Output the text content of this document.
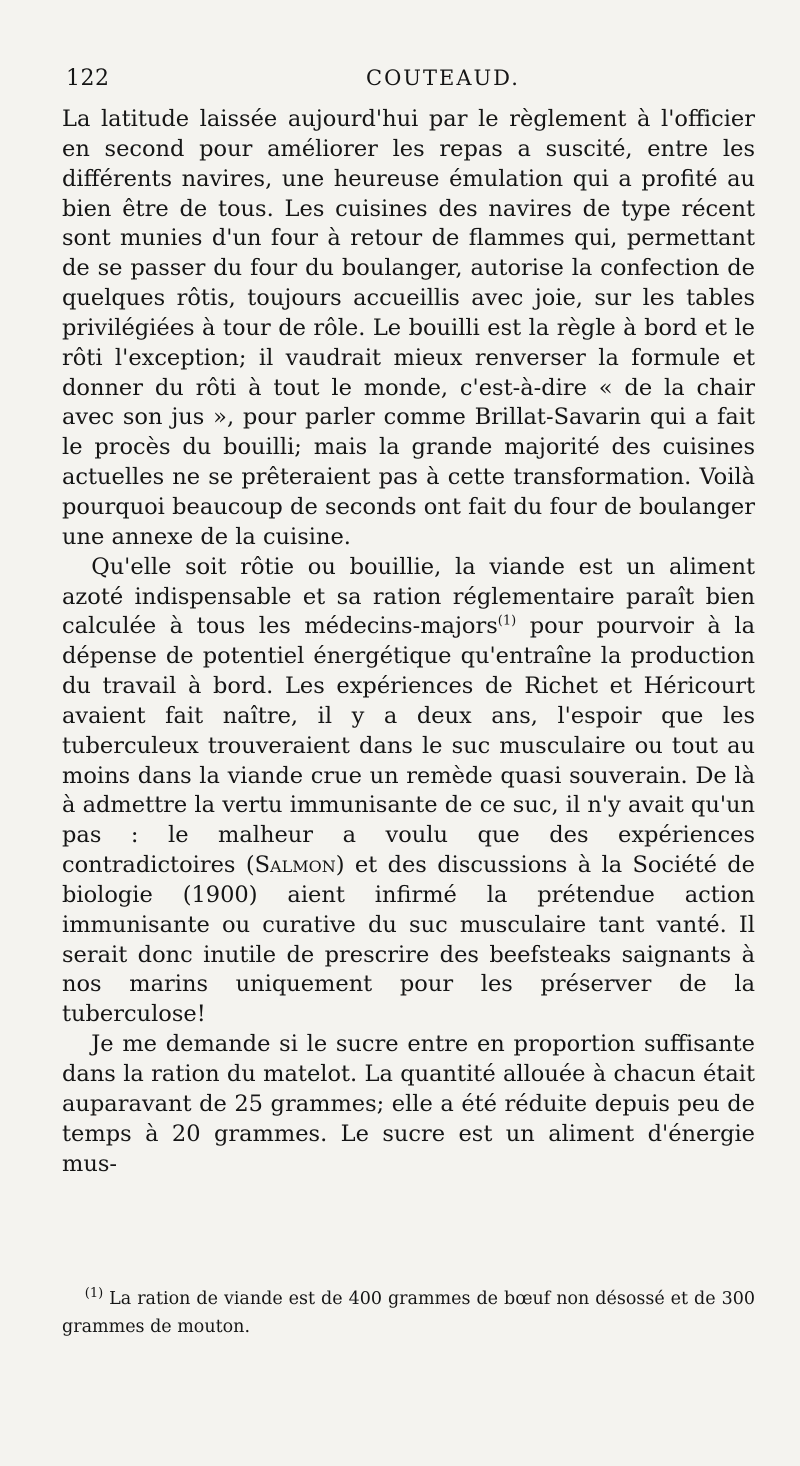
122	COUTEAUD.

La latitude laissée aujourd'hui par le règlement à l'officier en second pour améliorer les repas a suscité, entre les différents navires, une heureuse émulation qui a profité au bien être de tous. Les cuisines des navires de type récent sont munies d'un four à retour de flammes qui, permettant de se passer du four du boulanger, autorise la confection de quelques rôtis, toujours accueillis avec joie, sur les tables privilégiées à tour de rôle. Le bouilli est la règle à bord et le rôti l'exception; il vaudrait mieux renverser la formule et donner du rôti à tout le monde, c'est-à-dire « de la chair avec son jus », pour parler comme Brillat-Savarin qui a fait le procès du bouilli; mais la grande majorité des cuisines actuelles ne se prêteraient pas à cette transformation. Voilà pourquoi beaucoup de seconds ont fait du four de boulanger une annexe de la cuisine.

Qu'elle soit rôtie ou bouillie, la viande est un aliment azoté indispensable et sa ration réglementaire paraît bien calculée à tous les médecins-majors$^{(1)}$ pour pourvoir à la dépense de potentiel énergétique qu'entraîne la production du travail à bord. Les expériences de Richet et Héricourt avaient fait naître, il y a deux ans, l'espoir que les tuberculeux trouveraient dans le suc musculaire ou tout au moins dans la viande crue un remède quasi souverain. De là à admettre la vertu immunisante de ce suc, il n'y avait qu'un pas : le malheur a voulu que des expériences contradictoires (Salmon) et des discussions à la Société de biologie (1900) aient infirmé la prétendue action immunisante ou curative du suc musculaire tant vanté. Il serait donc inutile de prescrire des beefsteaks saignants à nos marins uniquement pour les préserver de la tuberculose!

Je me demande si le sucre entre en proportion suffisante dans la ration du matelot. La quantité allouée à chacun était auparavant de 25 grammes; elle a été réduite depuis peu de temps à 20 grammes. Le sucre est un aliment d'énergie mus-

$^{(1)}$ La ration de viande est de 400 grammes de bœuf non désossé et de 300 grammes de mouton.
